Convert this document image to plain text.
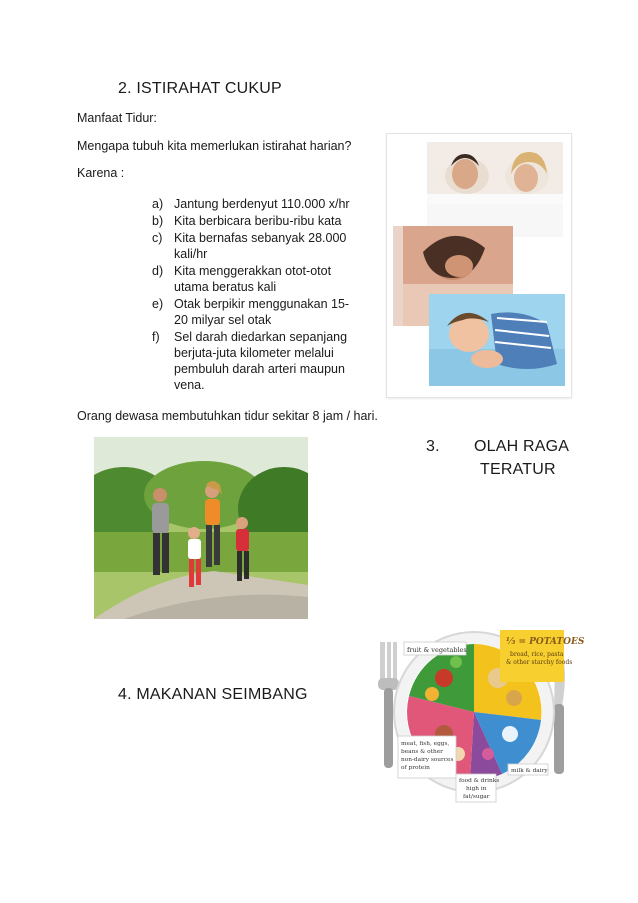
2. ISTIRAHAT CUKUP
Manfaat Tidur:
Mengapa tubuh kita memerlukan istirahat harian?
Karena :
a) Jantung berdenyut 110.000 x/hr
b) Kita berbicara beribu-ribu kata
c) Kita bernafas sebanyak 28.000
kali/hr
d) Kita menggerakkan otot-otot
utama beratus kali
e) Otak berpikir menggunakan 15-
20 milyar sel otak
f) Sel darah diedarkan sepanjang
berjuta-juta kilometer melalui
pembuluh darah arteri maupun
vena.
Orang dewasa membutuhkan tidur sekitar 8 jam / hari.
3. OLAH RAGA
TERATUR
4. MAKANAN SEIMBANG
fruit & vegetables
⅓ = POTATOES
bread, rice, pasta
& other starchy foods
meat, fish, eggs,
beans & other
non-dairy sources
of protein
food & drinks
high in
fat/sugar
milk & dairy
